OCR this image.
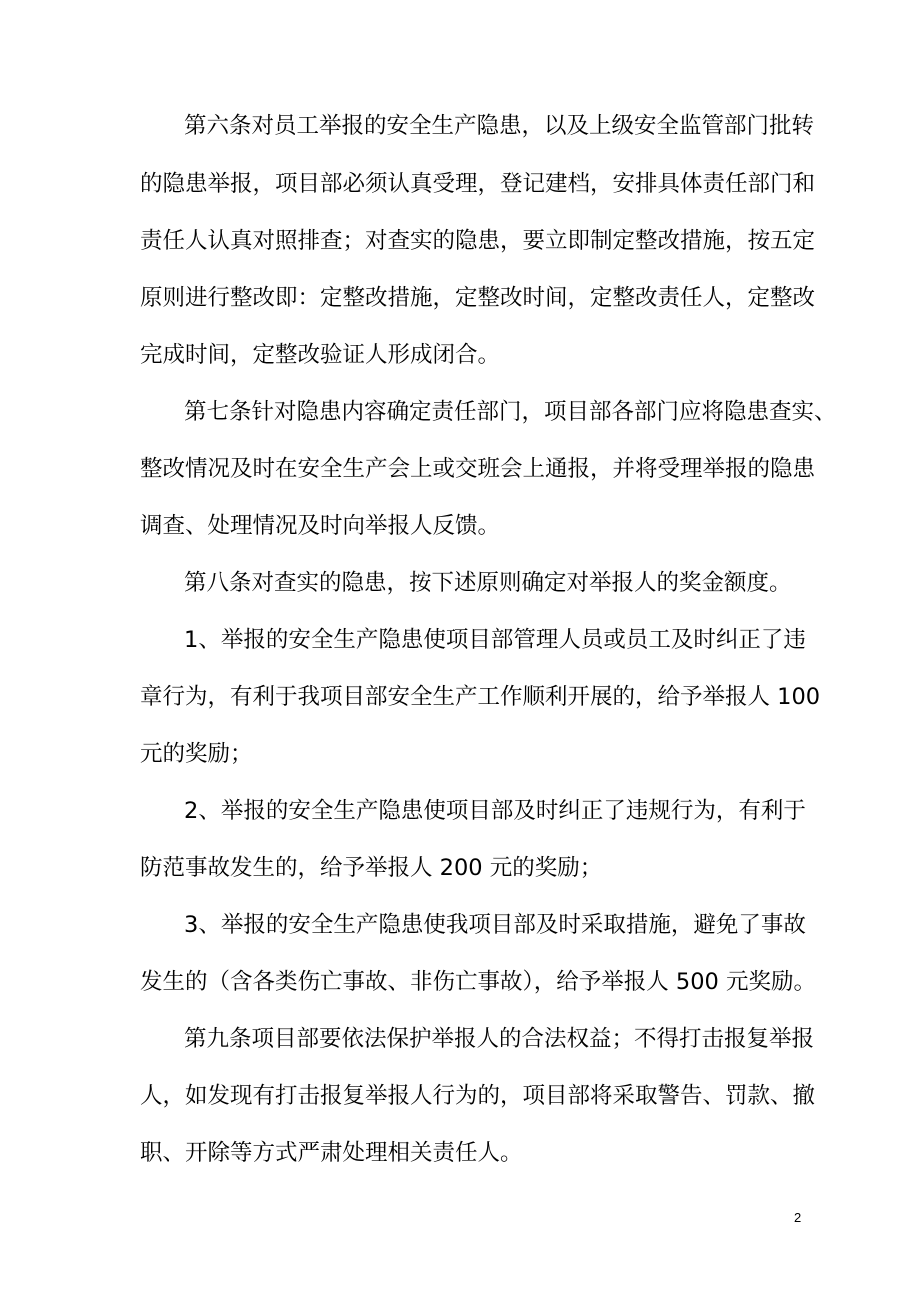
第六条对员工举报的安全生产隐患，以及上级安全监管部门批转
的隐患举报，项目部必须认真受理，登记建档，安排具体责任部门和
责任人认真对照排查；对查实的隐患，要立即制定整改措施，按五定
原则进行整改即：定整改措施，定整改时间，定整改责任人，定整改
完成时间，定整改验证人形成闭合。
第七条针对隐患内容确定责任部门，项目部各部门应将隐患查实、
整改情况及时在安全生产会上或交班会上通报，并将受理举报的隐患
调查、处理情况及时向举报人反馈。
第八条对查实的隐患，按下述原则确定对举报人的奖金额度。
1、举报的安全生产隐患使项目部管理人员或员工及时纠正了违
章行为，有利于我项目部安全生产工作顺利开展的，给予举报人 100
元的奖励；
2、举报的安全生产隐患使项目部及时纠正了违规行为，有利于
防范事故发生的，给予举报人 200 元的奖励；
3、举报的安全生产隐患使我项目部及时采取措施，避免了事故
发生的（含各类伤亡事故、非伤亡事故），给予举报人 500 元奖励。
第九条项目部要依法保护举报人的合法权益；不得打击报复举报
人，如发现有打击报复举报人行为的，项目部将采取警告、罚款、撤
职、开除等方式严肃处理相关责任人。
2
